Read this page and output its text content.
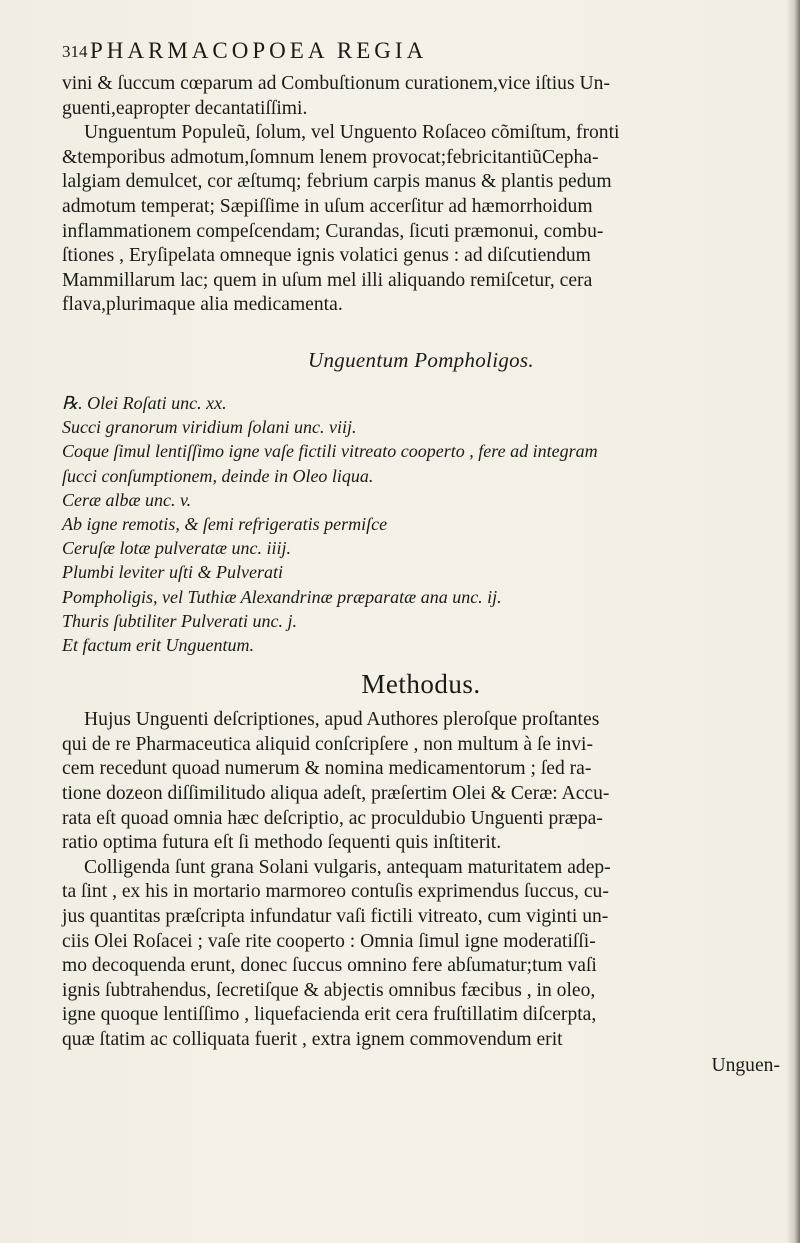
314 PHARMACOPOEA REGIA

vini & ſuccum cœparum ad Combuſtionum curationem,vice iſtius Un-
guenti,eapropter decantatiſſimi.

Unguentum Populeũ, ſolum, vel Unguento Roſaceo cõmiſtum, fronti
&temporibus admotum,ſomnum lenem provocat;febricitantiũCepha-
lalgiam demulcet, cor æſtumq; febrium carpis manus & plantis pedum
admotum temperat; Sæpiſſime in uſum accerſitur ad hæmorrhoidum
inflammationem compeſcendam; Curandas, ſicuti præmonui, combu-
ſtiones , Eryſipelata omneque ignis volatici genus : ad diſcutiendum
Mammillarum lac; quem in uſum mel illi aliquando remiſcetur, cera
flava,plurimaque alia medicamenta.

Unguentum Pompholigos.
℞. Olei Roſati unc. xx.
Succi granorum viridium ſolani unc. viij.
Coque ſimul lentiſſimo igne vaſe fictili vitreato cooperto , fere ad integram
ſucci conſumptionem, deinde in Oleo liqua.
Ceræ albæ unc. v.
Ab igne remotis, & ſemi refrigeratis permiſce
Ceruſæ lotæ pulveratæ unc. iiij.
Plumbi leviter uſti & Pulverati
Pompholigis, vel Tuthiæ Alexandrinæ præparatæ ana unc. ij.
Thuris ſubtiliter Pulverati unc. j.
Et factum erit Unguentum.
Methodus.

Hujus Unguenti deſcriptiones, apud Authores pleroſque proſtantes
qui de re Pharmaceutica aliquid conſcripſere , non multum à ſe invi-
cem recedunt quoad numerum & nomina medicamentorum ; ſed ra-
tione dozeon diſſimilitudo aliqua adeſt, præſertim Olei & Ceræ: Accu-
rata eſt quoad omnia hæc deſcriptio, ac proculdubio Unguenti præpa-
ratio optima futura eſt ſi methodo ſequenti quis inſtiterit.

Colligenda ſunt grana Solani vulgaris, antequam maturitatem adep-
ta ſint , ex his in mortario marmoreo contuſis exprimendus ſuccus, cu-
jus quantitas præſcripta infundatur vaſi fictili vitreato, cum viginti un-
ciis Olei Roſacei ; vaſe rite cooperto : Omnia ſimul igne moderatiſſi-
mo decoquenda erunt, donec ſuccus omnino fere abſumatur;tum vaſi
ignis ſubtrahendus, ſecretiſque & abjectis omnibus fæcibus , in oleo,
igne quoque lentiſſimo , liquefacienda erit cera fruſtillatim diſcerpta,
quæ ſtatim ac colliquata fuerit , extra ignem commovendum erit

Unguen-
